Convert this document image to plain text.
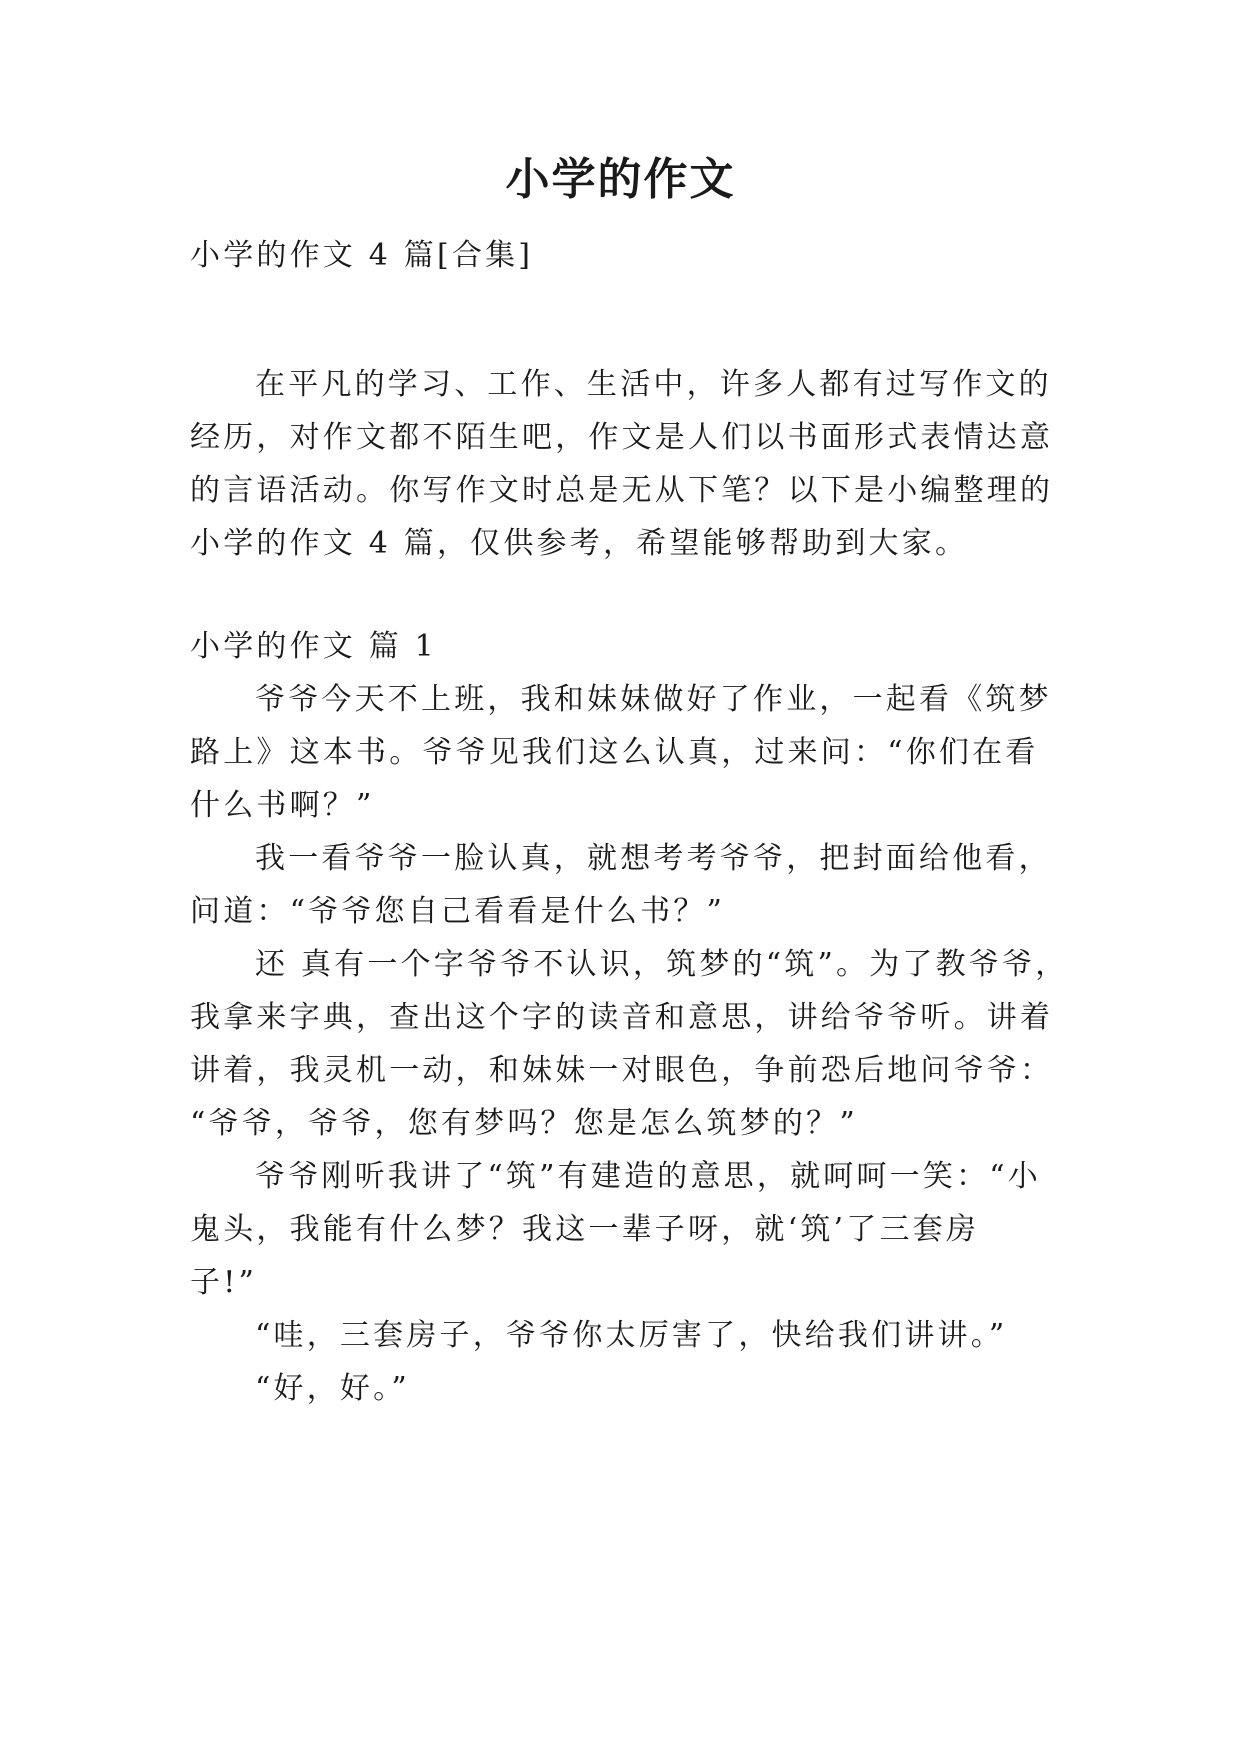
小学的作文
小学的作文 4 篇[合集]
在平凡的学习、工作、生活中，许多人都有过写作文的
经历，对作文都不陌生吧，作文是人们以书面形式表情达意
的言语活动。你写作文时总是无从下笔？以下是小编整理的
小学的作文 4 篇，仅供参考，希望能够帮助到大家。
小学的作文 篇 1
爷爷今天不上班，我和妹妹做好了作业，一起看《筑梦
路上》这本书。爷爷见我们这么认真，过来问：“你们在看
什么书啊？”
我一看爷爷一脸认真，就想考考爷爷，把封面给他看，
问道：“爷爷您自己看看是什么书？”
还 真有一个字爷爷不认识，筑梦的“筑”。为了教爷爷，
我拿来字典，查出这个字的读音和意思，讲给爷爷听。讲着
讲着，我灵机一动，和妹妹一对眼色，争前恐后地问爷爷：
“爷爷，爷爷，您有梦吗？您是怎么筑梦的？”
爷爷刚听我讲了“筑”有建造的意思，就呵呵一笑：“小
鬼头，我能有什么梦？我这一辈子呀，就‘筑’了三套房
子!”
“哇，三套房子，爷爷你太厉害了，快给我们讲讲。”
“好，好。”
